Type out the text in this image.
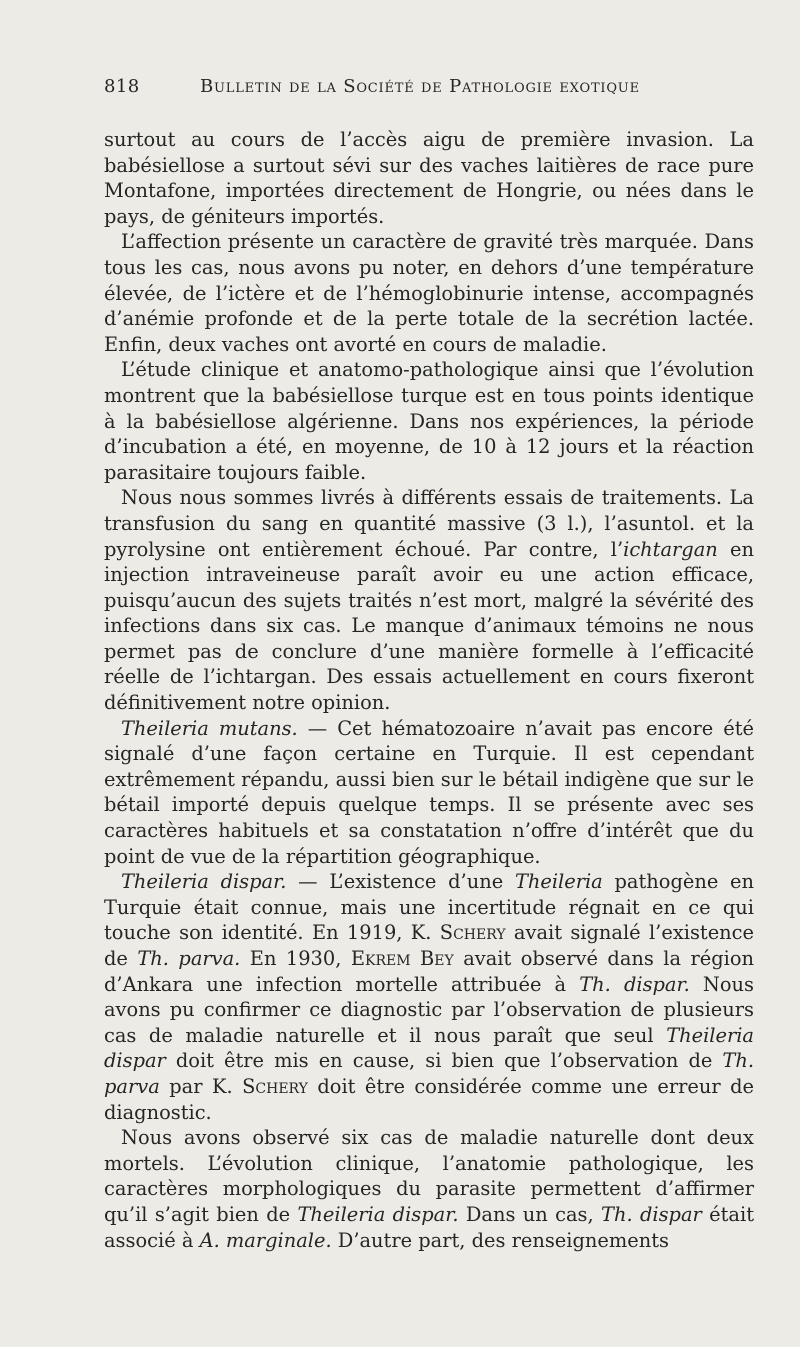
818	Bulletin de la Société de Pathologie exotique

surtout au cours de l’accès aigu de première invasion. La babésiellose a surtout sévi sur des vaches laitières de race pure Montafone, importées directement de Hongrie, ou nées dans le pays, de géniteurs importés.

L’affection présente un caractère de gravité très marquée. Dans tous les cas, nous avons pu noter, en dehors d’une température élevée, de l’ictère et de l’hémoglobinurie intense, accompagnés d’anémie profonde et de la perte totale de la secrétion lactée. Enfin, deux vaches ont avorté en cours de maladie.

L’étude clinique et anatomo-pathologique ainsi que l’évolution montrent que la babésiellose turque est en tous points identique à la babésiellose algérienne. Dans nos expériences, la période d’incubation a été, en moyenne, de 10 à 12 jours et la réaction parasitaire toujours faible.

Nous nous sommes livrés à différents essais de traitements. La transfusion du sang en quantité massive (3 l.), l’asuntol. et la pyrolysine ont entièrement échoué. Par contre, l’ichtargan en injection intraveineuse paraît avoir eu une action efficace, puisqu’aucun des sujets traités n’est mort, malgré la sévérité des infections dans six cas. Le manque d’animaux témoins ne nous permet pas de conclure d’une manière formelle à l’efficacité réelle de l’ichtargan. Des essais actuellement en cours fixeront définitivement notre opinion.

Theileria mutans. — Cet hématozoaire n’avait pas encore été signalé d’une façon certaine en Turquie. Il est cependant extrêmement répandu, aussi bien sur le bétail indigène que sur le bétail importé depuis quelque temps. Il se présente avec ses caractères habituels et sa constatation n’offre d’intérêt que du point de vue de la répartition géographique.

Theileria dispar. — L’existence d’une Theileria pathogène en Turquie était connue, mais une incertitude régnait en ce qui touche son identité. En 1919, K. Schery avait signalé l’existence de Th. parva. En 1930, Ekrem Bey avait observé dans la région d’Ankara une infection mortelle attribuée à Th. dispar. Nous avons pu confirmer ce diagnostic par l’observation de plusieurs cas de maladie naturelle et il nous paraît que seul Theileria dispar doit être mis en cause, si bien que l’observation de Th. parva par K. Schery doit être considérée comme une erreur de diagnostic.

Nous avons observé six cas de maladie naturelle dont deux mortels. L’évolution clinique, l’anatomie pathologique, les caractères morphologiques du parasite permettent d’affirmer qu’il s’agit bien de Theileria dispar. Dans un cas, Th. dispar était associé à A. marginale. D’autre part, des renseignements
